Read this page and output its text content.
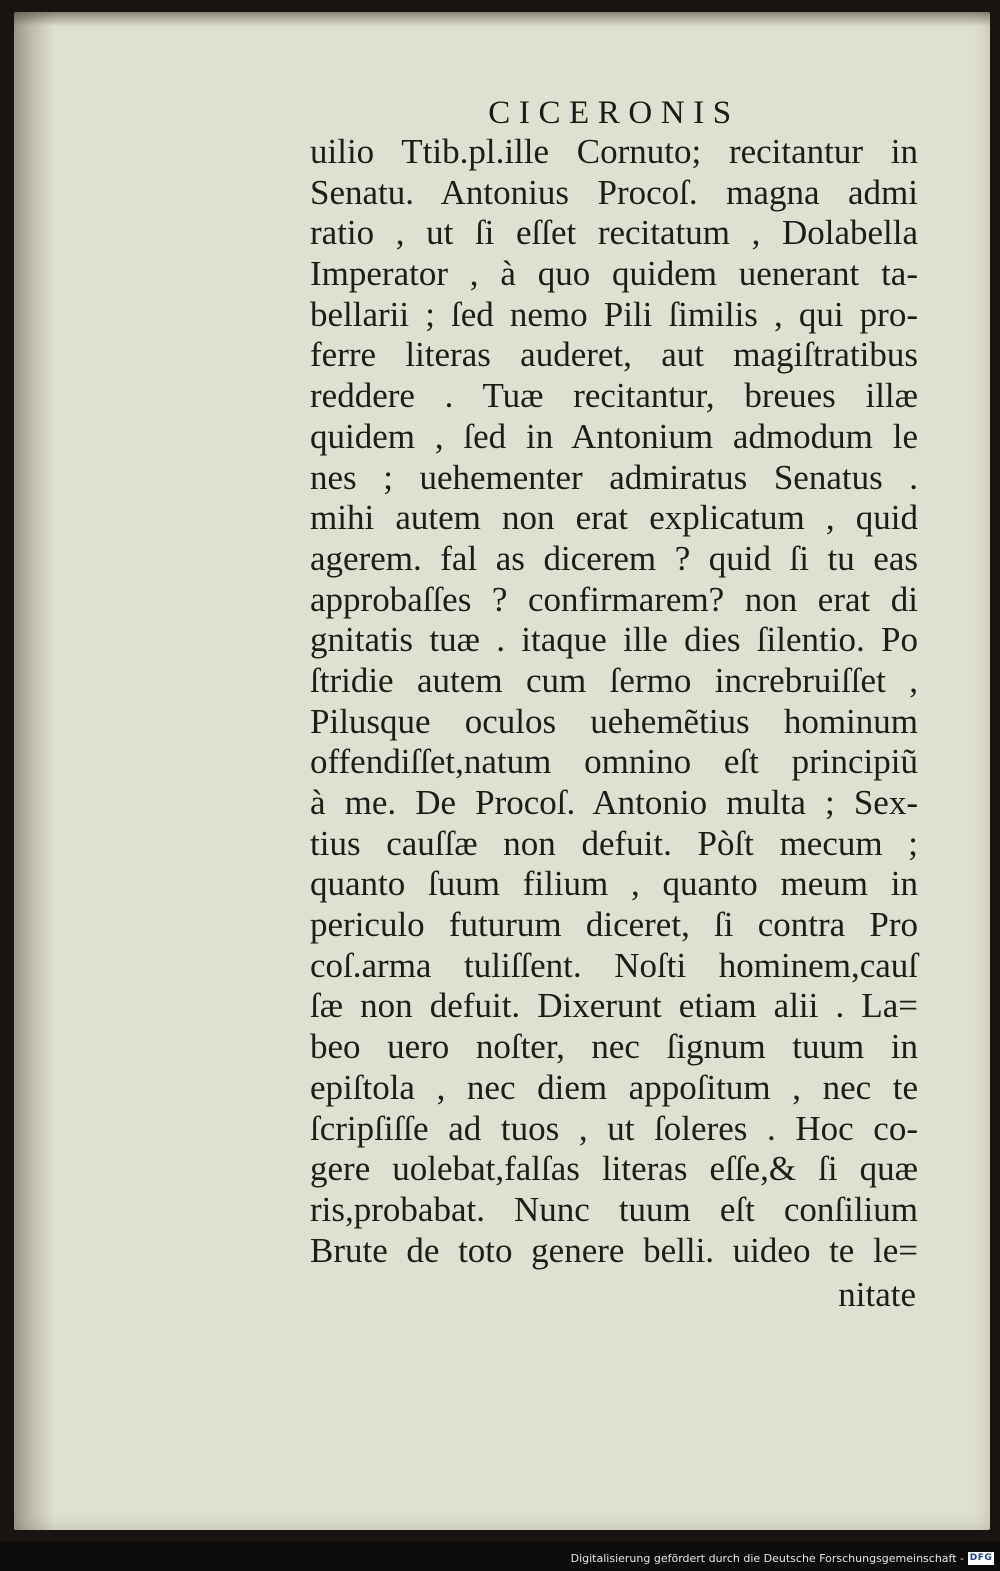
CICERONIS
uilio Ttib.pl.ille Cornuto; recitantur in
Senatu. Antonius Procoſ. magna admi
ratio , ut ſi eſſet recitatum , Dolabella
Imperator , à quo quidem uenerant ta-
bellarii ; ſed nemo Pili ſimilis , qui pro-
ferre literas auderet, aut magiſtratibus
reddere . Tuæ recitantur, breues illæ
quidem , ſed in Antonium admodum le
nes ; uehementer admiratus Senatus .
mihi autem non erat explicatum , quid
agerem. fal as dicerem ? quid ſi tu eas
approbaſſes ? confirmarem? non erat di
gnitatis tuæ . itaque ille dies ſilentio. Po
ſtridie autem cum ſermo increbruiſſet ,
Pilusque oculos uehemẽtius hominum
offendiſſet,natum omnino eſt principiũ
à me. De Procoſ. Antonio multa ; Sex-
tius cauſſæ non defuit. Pòſt mecum ;
quanto ſuum filium , quanto meum in
periculo futurum diceret, ſi contra Pro
coſ.arma tuliſſent. Noſti hominem,cauſ
ſæ non defuit. Dixerunt etiam alii . La=
beo uero noſter, nec ſignum tuum in
epiſtola , nec diem appoſitum , nec te
ſcripſiſſe ad tuos , ut ſoleres . Hoc co-
gere uolebat,falſas literas eſſe,& ſi quæ
ris,probabat. Nunc tuum eſt conſilium
Brute de toto genere belli. uideo te le=
nitate
Digitalisierung gefördert durch die Deutsche Forschungsgemeinschaft - DFG
